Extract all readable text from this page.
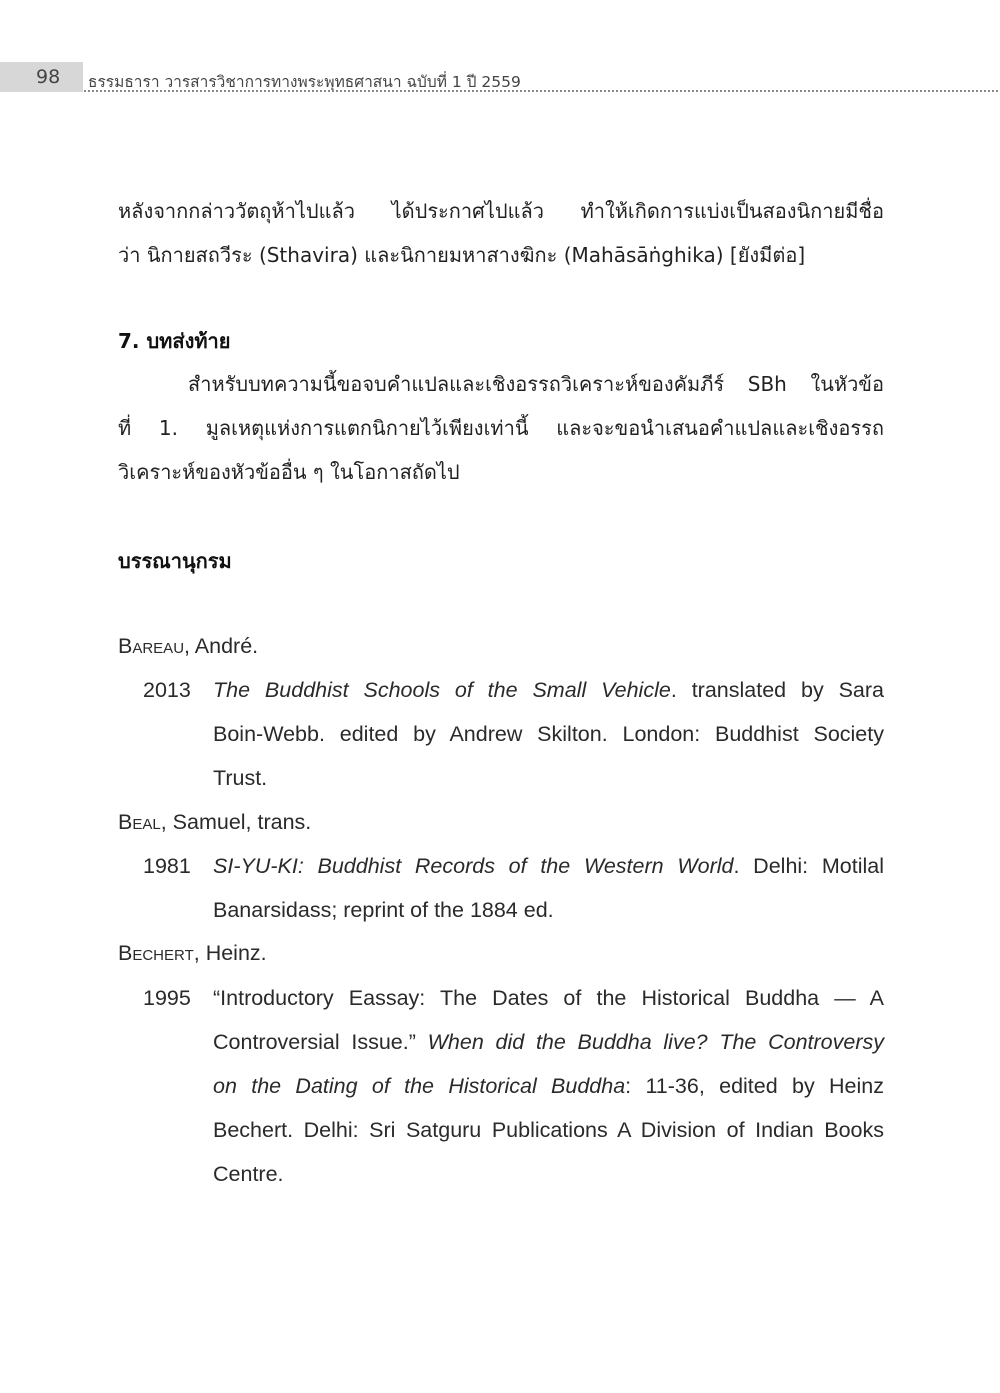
98 ธรรมธารา วารสารวิชาการทางพระพุทธศาสนา ฉบับที่ 1 ปี 2559
หลังจากกล่าววัตถุห้าไปแล้ว ได้ประกาศไปแล้ว ทำให้เกิดการแบ่งเป็นสองนิกายมีชื่อ
ว่า นิกายสถวีระ (Sthavira) และนิกายมหาสางฆิกะ (Mahāsāṅghika) [ยังมีต่อ]
7. บทส่งท้าย
สำหรับบทความนี้ขอจบคำแปลและเชิงอรรถวิเคราะห์ของคัมภีร์ SBh ในหัวข้อ
ที่ 1. มูลเหตุแห่งการแตกนิกายไว้เพียงเท่านี้ และจะขอนำเสนอคำแปลและเชิงอรรถ
วิเคราะห์ของหัวข้ออื่น ๆ ในโอกาสถัดไป
บรรณานุกรม
Bareau, André.
2013 The Buddhist Schools of the Small Vehicle. translated by Sara
Boin-Webb. edited by Andrew Skilton. London: Buddhist Society
Trust.
Beal, Samuel, trans.
1981 SI-YU-KI: Buddhist Records of the Western World. Delhi: Motilal
Banarsidass; reprint of the 1884 ed.
Bechert, Heinz.
1995 “Introductory Eassay: The Dates of the Historical Buddha — A
Controversial Issue.” When did the Buddha live? The Controversy
on the Dating of the Historical Buddha: 11-36, edited by Heinz
Bechert. Delhi: Sri Satguru Publications A Division of Indian Books
Centre.
